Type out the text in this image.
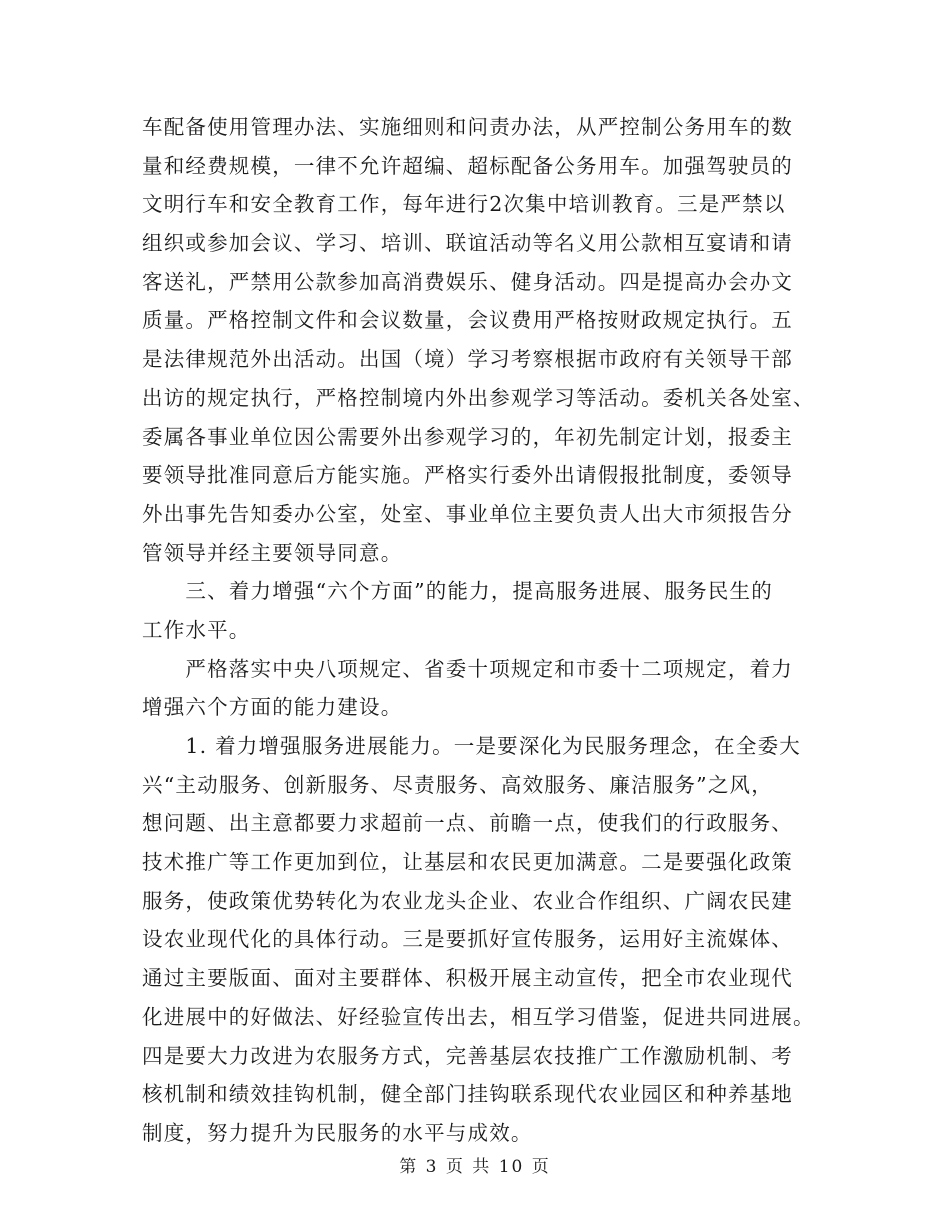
车配备使用管理办法、实施细则和问责办法，从严控制公务用车的数
量和经费规模，一律不允许超编、超标配备公务用车。加强驾驶员的
文明行车和安全教育工作，每年进行2次集中培训教育。三是严禁以
组织或参加会议、学习、培训、联谊活动等名义用公款相互宴请和请
客送礼，严禁用公款参加高消费娱乐、健身活动。四是提高办会办文
质量。严格控制文件和会议数量，会议费用严格按财政规定执行。五
是法律规范外出活动。出国（境）学习考察根据市政府有关领导干部
出访的规定执行，严格控制境内外出参观学习等活动。委机关各处室、
委属各事业单位因公需要外出参观学习的，年初先制定计划，报委主
要领导批准同意后方能实施。严格实行委外出请假报批制度，委领导
外出事先告知委办公室，处室、事业单位主要负责人出大市须报告分
管领导并经主要领导同意。
　　三、着力增强“六个方面”的能力，提高服务进展、服务民生的
工作水平。
　　严格落实中央八项规定、省委十项规定和市委十二项规定，着力
增强六个方面的能力建设。
　　1. 着力增强服务进展能力。一是要深化为民服务理念，在全委大
兴“主动服务、创新服务、尽责服务、高效服务、廉洁服务”之风，
想问题、出主意都要力求超前一点、前瞻一点，使我们的行政服务、
技术推广等工作更加到位，让基层和农民更加满意。二是要强化政策
服务，使政策优势转化为农业龙头企业、农业合作组织、广阔农民建
设农业现代化的具体行动。三是要抓好宣传服务，运用好主流媒体、
通过主要版面、面对主要群体、积极开展主动宣传，把全市农业现代
化进展中的好做法、好经验宣传出去，相互学习借鉴，促进共同进展。
四是要大力改进为农服务方式，完善基层农技推广工作激励机制、考
核机制和绩效挂钩机制，健全部门挂钩联系现代农业园区和种养基地
制度，努力提升为民服务的水平与成效。
第 3 页 共 10 页
